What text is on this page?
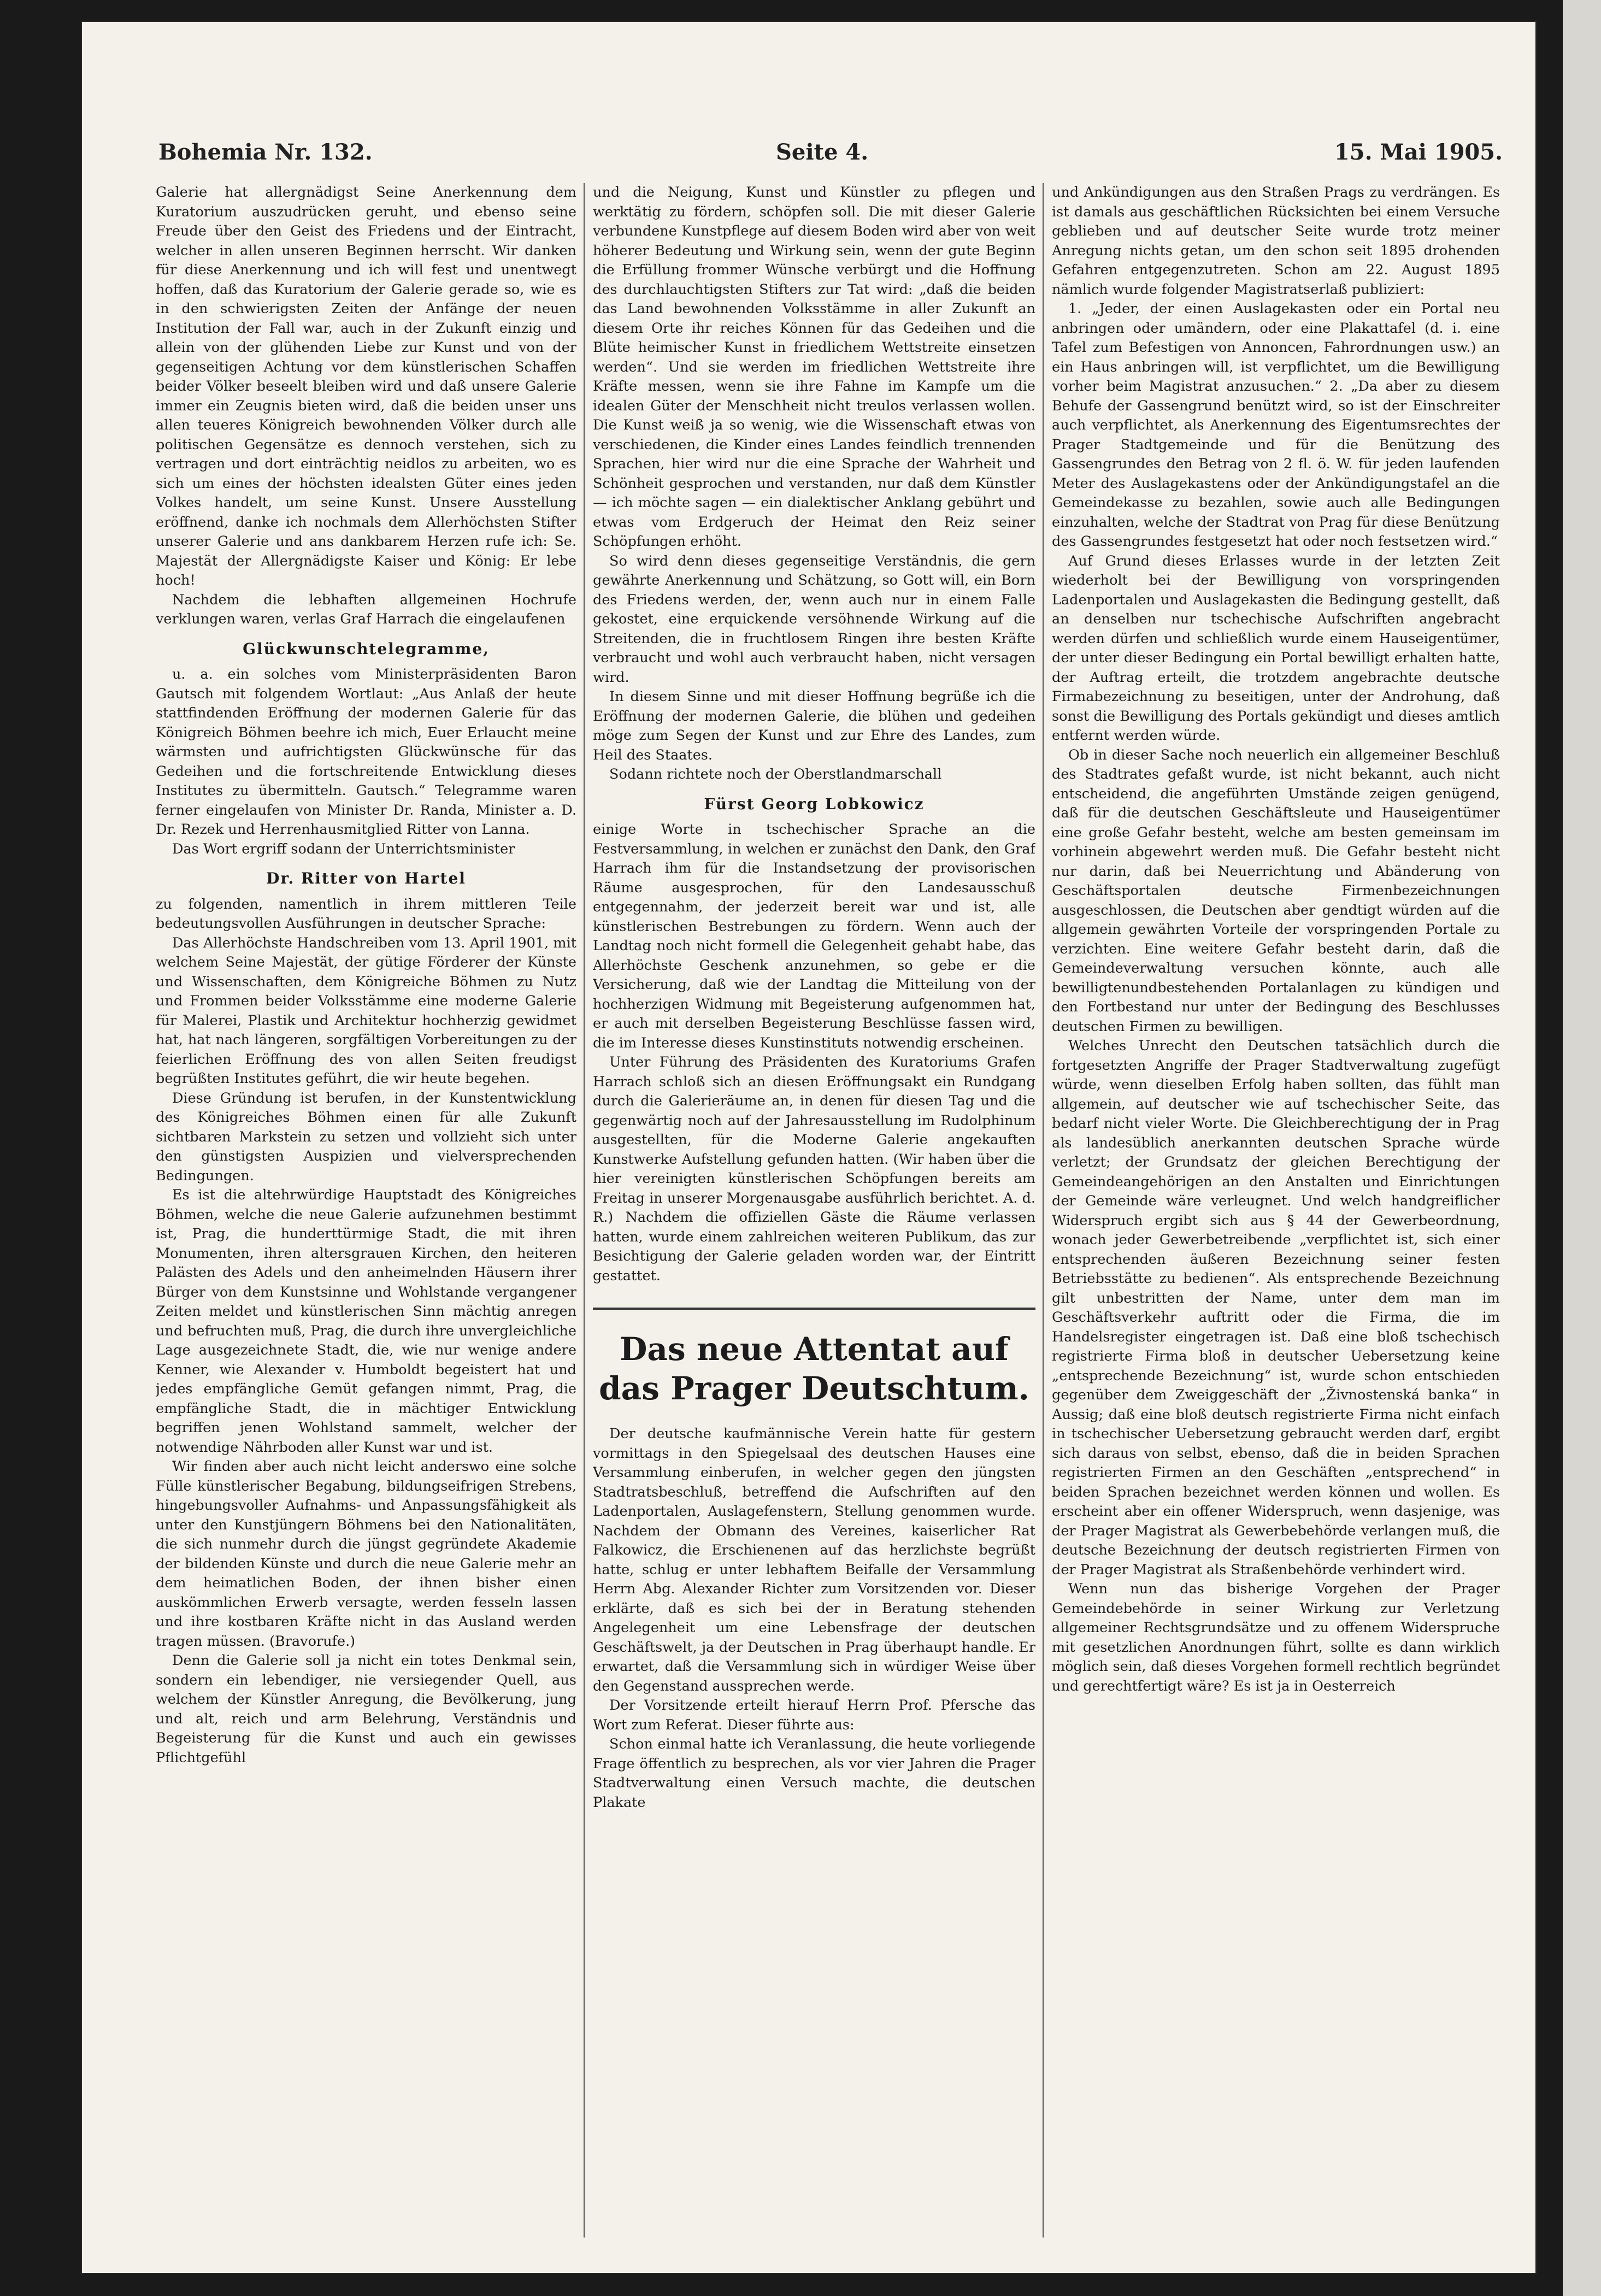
Bohemia Nr. 132.	Seite 4.	15. Mai 1905.

Galerie hat allergnädigst Seine Anerkennung dem Kuratorium auszudrücken geruht, und ebenso seine Freude über den Geist des Friedens und der Eintracht, welcher in allen unseren Beginnen herrscht. Wir danken für diese Anerkennung und ich will fest und unentwegt hoffen, daß das Kuratorium der Galerie gerade so, wie es in den schwierigsten Zeiten der Anfänge der neuen Institution der Fall war, auch in der Zukunft einzig und allein von der glühenden Liebe zur Kunst und von der gegenseitigen Achtung vor dem künstlerischen Schaffen beider Völker beseelt bleiben wird und daß unsere Galerie immer ein Zeugnis bieten wird, daß die beiden unser uns allen teueres Königreich bewohnenden Völker durch alle politischen Gegensätze es dennoch verstehen, sich zu vertragen und dort einträchtig neidlos zu arbeiten, wo es sich um eines der höchsten idealsten Güter eines jeden Volkes handelt, um seine Kunst. Unsere Ausstellung eröffnend, danke ich nochmals dem Allerhöchsten Stifter unserer Galerie und ans dankbarem Herzen rufe ich: Se. Majestät der Allergnädigste Kaiser und König: Er lebe hoch!

Nachdem die lebhaften allgemeinen Hochrufe verklungen waren, verlas Graf Harrach die eingelaufenen

Glückwunschtelegramme,

u. a. ein solches vom Ministerpräsidenten Baron Gautsch mit folgendem Wortlaut: „Aus Anlaß der heute stattfindenden Eröffnung der modernen Galerie für das Königreich Böhmen beehre ich mich, Euer Erlaucht meine wärmsten und aufrichtigsten Glückwünsche für das Gedeihen und die fortschreitende Entwicklung dieses Institutes zu übermitteln. Gautsch.“ Telegramme waren ferner eingelaufen von Minister Dr. Randa, Minister a. D. Dr. Rezek und Herrenhausmitglied Ritter von Lanna.

Das Wort ergriff sodann der Unterrichtsminister

Dr. Ritter von Hartel

zu folgenden, namentlich in ihrem mittleren Teile bedeutungsvollen Ausführungen in deutscher Sprache:

Das Allerhöchste Handschreiben vom 13. April 1901, mit welchem Seine Majestät, der gütige Förderer der Künste und Wissenschaften, dem Königreiche Böhmen zu Nutz und Frommen beider Volksstämme eine moderne Galerie für Malerei, Plastik und Architektur hochherzig gewidmet hat, hat nach längeren, sorgfältigen Vorbereitungen zu der feierlichen Eröffnung des von allen Seiten freudigst begrüßten Institutes geführt, die wir heute begehen.

Diese Gründung ist berufen, in der Kunstentwicklung des Königreiches Böhmen einen für alle Zukunft sichtbaren Markstein zu setzen und vollzieht sich unter den günstigsten Auspizien und vielversprechenden Bedingungen.

Es ist die altehrwürdige Hauptstadt des Königreiches Böhmen, welche die neue Galerie aufzunehmen bestimmt ist, Prag, die hunderttürmige Stadt, die mit ihren Monumenten, ihren altersgrauen Kirchen, den heiteren Palästen des Adels und den anheimelnden Häusern ihrer Bürger von dem Kunstsinne und Wohlstande vergangener Zeiten meldet und künstlerischen Sinn mächtig anregen und befruchten muß, Prag, die durch ihre unvergleichliche Lage ausgezeichnete Stadt, die, wie nur wenige andere Kenner, wie Alexander v. Humboldt begeistert hat und jedes empfängliche Gemüt gefangen nimmt, Prag, die empfängliche Stadt, die in mächtiger Entwicklung begriffen jenen Wohlstand sammelt, welcher der notwendige Nährboden aller Kunst war und ist.

Wir finden aber auch nicht leicht anderswo eine solche Fülle künstlerischer Begabung, bildungseifrigen Strebens, hingebungsvoller Aufnahms- und Anpassungsfähigkeit als unter den Kunstjüngern Böhmens bei den Nationalitäten, die sich nunmehr durch die jüngst gegründete Akademie der bildenden Künste und durch die neue Galerie mehr an dem heimatlichen Boden, der ihnen bisher einen auskömmlichen Erwerb versagte, werden fesseln lassen und ihre kostbaren Kräfte nicht in das Ausland werden tragen müssen. (Bravorufe.)

Denn die Galerie soll ja nicht ein totes Denkmal sein, sondern ein lebendiger, nie versiegender Quell, aus welchem der Künstler Anregung, die Bevölkerung, jung und alt, reich und arm Belehrung, Verständnis und Begeisterung für die Kunst und auch ein gewisses Pflichtgefühl

und die Neigung, Kunst und Künstler zu pflegen und werktätig zu fördern, schöpfen soll. Die mit dieser Galerie verbundene Kunstpflege auf diesem Boden wird aber von weit höherer Bedeutung und Wirkung sein, wenn der gute Beginn die Erfüllung frommer Wünsche verbürgt und die Hoffnung des durchlauchtigsten Stifters zur Tat wird: „daß die beiden das Land bewohnenden Volksstämme in aller Zukunft an diesem Orte ihr reiches Können für das Gedeihen und die Blüte heimischer Kunst in friedlichem Wettstreite einsetzen werden“. Und sie werden im friedlichen Wettstreite ihre Kräfte messen, wenn sie ihre Fahne im Kampfe um die idealen Güter der Menschheit nicht treulos verlassen wollen. Die Kunst weiß ja so wenig, wie die Wissenschaft etwas von verschiedenen, die Kinder eines Landes feindlich trennenden Sprachen, hier wird nur die eine Sprache der Wahrheit und Schönheit gesprochen und verstanden, nur daß dem Künstler — ich möchte sagen — ein dialektischer Anklang gebührt und etwas vom Erdgeruch der Heimat den Reiz seiner Schöpfungen erhöht.

So wird denn dieses gegenseitige Verständnis, die gern gewährte Anerkennung und Schätzung, so Gott will, ein Born des Friedens werden, der, wenn auch nur in einem Falle gekostet, eine erquickende versöhnende Wirkung auf die Streitenden, die in fruchtlosem Ringen ihre besten Kräfte verbraucht und wohl auch verbraucht haben, nicht versagen wird.

In diesem Sinne und mit dieser Hoffnung begrüße ich die Eröffnung der modernen Galerie, die blühen und gedeihen möge zum Segen der Kunst und zur Ehre des Landes, zum Heil des Staates.

Sodann richtete noch der Oberstlandmarschall

Fürst Georg Lobkowicz

einige Worte in tschechischer Sprache an die Festversammlung, in welchen er zunächst den Dank, den Graf Harrach ihm für die Instandsetzung der provisorischen Räume ausgesprochen, für den Landesausschuß entgegennahm, der jederzeit bereit war und ist, alle künstlerischen Bestrebungen zu fördern. Wenn auch der Landtag noch nicht formell die Gelegenheit gehabt habe, das Allerhöchste Geschenk anzunehmen, so gebe er die Versicherung, daß wie der Landtag die Mitteilung von der hochherzigen Widmung mit Begeisterung aufgenommen hat, er auch mit derselben Begeisterung Beschlüsse fassen wird, die im Interesse dieses Kunstinstituts notwendig erscheinen.

Unter Führung des Präsidenten des Kuratoriums Grafen Harrach schloß sich an diesen Eröffnungsakt ein Rundgang durch die Galerieräume an, in denen für diesen Tag und die gegenwärtig noch auf der Jahresausstellung im Rudolphinum ausgestellten, für die Moderne Galerie angekauften Kunstwerke Aufstellung gefunden hatten. (Wir haben über die hier vereinigten künstlerischen Schöpfungen bereits am Freitag in unserer Morgenausgabe ausführlich berichtet. A. d. R.) Nachdem die offiziellen Gäste die Räume verlassen hatten, wurde einem zahlreichen weiteren Publikum, das zur Besichtigung der Galerie geladen worden war, der Eintritt gestattet.

Das neue Attentat auf das Prager Deutschtum.

Der deutsche kaufmännische Verein hatte für gestern vormittags in den Spiegelsaal des deutschen Hauses eine Versammlung einberufen, in welcher gegen den jüngsten Stadtratsbeschluß, betreffend die Aufschriften auf den Ladenportalen, Auslagefenstern, Stellung genommen wurde. Nachdem der Obmann des Vereines, kaiserlicher Rat Falkowicz, die Erschienenen auf das herzlichste begrüßt hatte, schlug er unter lebhaftem Beifalle der Versammlung Herrn Abg. Alexander Richter zum Vorsitzenden vor. Dieser erklärte, daß es sich bei der in Beratung stehenden Angelegenheit um eine Lebensfrage der deutschen Geschäftswelt, ja der Deutschen in Prag überhaupt handle. Er erwartet, daß die Versammlung sich in würdiger Weise über den Gegenstand aussprechen werde.

Der Vorsitzende erteilt hierauf Herrn Prof. Pfersche das Wort zum Referat. Dieser führte aus:

Schon einmal hatte ich Veranlassung, die heute vorliegende Frage öffentlich zu besprechen, als vor vier Jahren die Prager Stadtverwaltung einen Versuch machte, die deutschen Plakate

und Ankündigungen aus den Straßen Prags zu verdrängen. Es ist damals aus geschäftlichen Rücksichten bei einem Versuche geblieben und auf deutscher Seite wurde trotz meiner Anregung nichts getan, um den schon seit 1895 drohenden Gefahren entgegenzutreten. Schon am 22. August 1895 nämlich wurde folgender Magistratserlaß publiziert:

1. „Jeder, der einen Auslagekasten oder ein Portal neu anbringen oder umändern, oder eine Plakattafel (d. i. eine Tafel zum Befestigen von Annoncen, Fahrordnungen usw.) an ein Haus anbringen will, ist verpflichtet, um die Bewilligung vorher beim Magistrat anzusuchen.“ 2. „Da aber zu diesem Behufe der Gassengrund benützt wird, so ist der Einschreiter auch verpflichtet, als Anerkennung des Eigentumsrechtes der Prager Stadtgemeinde und für die Benützung des Gassengrundes den Betrag von 2 fl. ö. W. für jeden laufenden Meter des Auslagekastens oder der Ankündigungstafel an die Gemeindekasse zu bezahlen, sowie auch alle Bedingungen einzuhalten, welche der Stadtrat von Prag für diese Benützung des Gassengrundes festgesetzt hat oder noch festsetzen wird.“

Auf Grund dieses Erlasses wurde in der letzten Zeit wiederholt bei der Bewilligung von vorspringenden Ladenportalen und Auslagekasten die Bedingung gestellt, daß an denselben nur tschechische Aufschriften angebracht werden dürfen und schließlich wurde einem Hauseigentümer, der unter dieser Bedingung ein Portal bewilligt erhalten hatte, der Auftrag erteilt, die trotzdem angebrachte deutsche Firmabezeichnung zu beseitigen, unter der Androhung, daß sonst die Bewilligung des Portals gekündigt und dieses amtlich entfernt werden würde.

Ob in dieser Sache noch neuerlich ein allgemeiner Beschluß des Stadtrates gefaßt wurde, ist nicht bekannt, auch nicht entscheidend, die angeführten Umstände zeigen genügend, daß für die deutschen Geschäftsleute und Hauseigentümer eine große Gefahr besteht, welche am besten gemeinsam im vorhinein abgewehrt werden muß. Die Gefahr besteht nicht nur darin, daß bei Neuerrichtung und Abänderung von Geschäftsportalen deutsche Firmenbezeichnungen ausgeschlossen, die Deutschen aber gendtigt würden auf die allgemein gewährten Vorteile der vorspringenden Portale zu verzichten. Eine weitere Gefahr besteht darin, daß die Gemeindeverwaltung versuchen könnte, auch alle bewilligtenundbestehenden Portalanlagen zu kündigen und den Fortbestand nur unter der Bedingung des Beschlusses deutschen Firmen zu bewilligen.

Welches Unrecht den Deutschen tatsächlich durch die fortgesetzten Angriffe der Prager Stadtverwaltung zugefügt würde, wenn dieselben Erfolg haben sollten, das fühlt man allgemein, auf deutscher wie auf tschechischer Seite, das bedarf nicht vieler Worte. Die Gleichberechtigung der in Prag als landesüblich anerkannten deutschen Sprache würde verletzt; der Grundsatz der gleichen Berechtigung der Gemeindeangehörigen an den Anstalten und Einrichtungen der Gemeinde wäre verleugnet. Und welch handgreiflicher Widerspruch ergibt sich aus § 44 der Gewerbeordnung, wonach jeder Gewerbetreibende „verpflichtet ist, sich einer entsprechenden äußeren Bezeichnung seiner festen Betriebsstätte zu bedienen“. Als entsprechende Bezeichnung gilt unbestritten der Name, unter dem man im Geschäftsverkehr auftritt oder die Firma, die im Handelsregister eingetragen ist. Daß eine bloß tschechisch registrierte Firma bloß in deutscher Uebersetzung keine „entsprechende Bezeichnung“ ist, wurde schon entschieden gegenüber dem Zweiggeschäft der „Živnostenská banka“ in Aussig; daß eine bloß deutsch registrierte Firma nicht einfach in tschechischer Uebersetzung gebraucht werden darf, ergibt sich daraus von selbst, ebenso, daß die in beiden Sprachen registrierten Firmen an den Geschäften „entsprechend“ in beiden Sprachen bezeichnet werden können und wollen. Es erscheint aber ein offener Widerspruch, wenn dasjenige, was der Prager Magistrat als Gewerbebehörde verlangen muß, die deutsche Bezeichnung der deutsch registrierten Firmen von der Prager Magistrat als Straßenbehörde verhindert wird.

Wenn nun das bisherige Vorgehen der Prager Gemeindebehörde in seiner Wirkung zur Verletzung allgemeiner Rechtsgrundsätze und zu offenem Widerspruche mit gesetzlichen Anordnungen führt, sollte es dann wirklich möglich sein, daß dieses Vorgehen formell rechtlich begründet und gerechtfertigt wäre? Es ist ja in Oesterreich
